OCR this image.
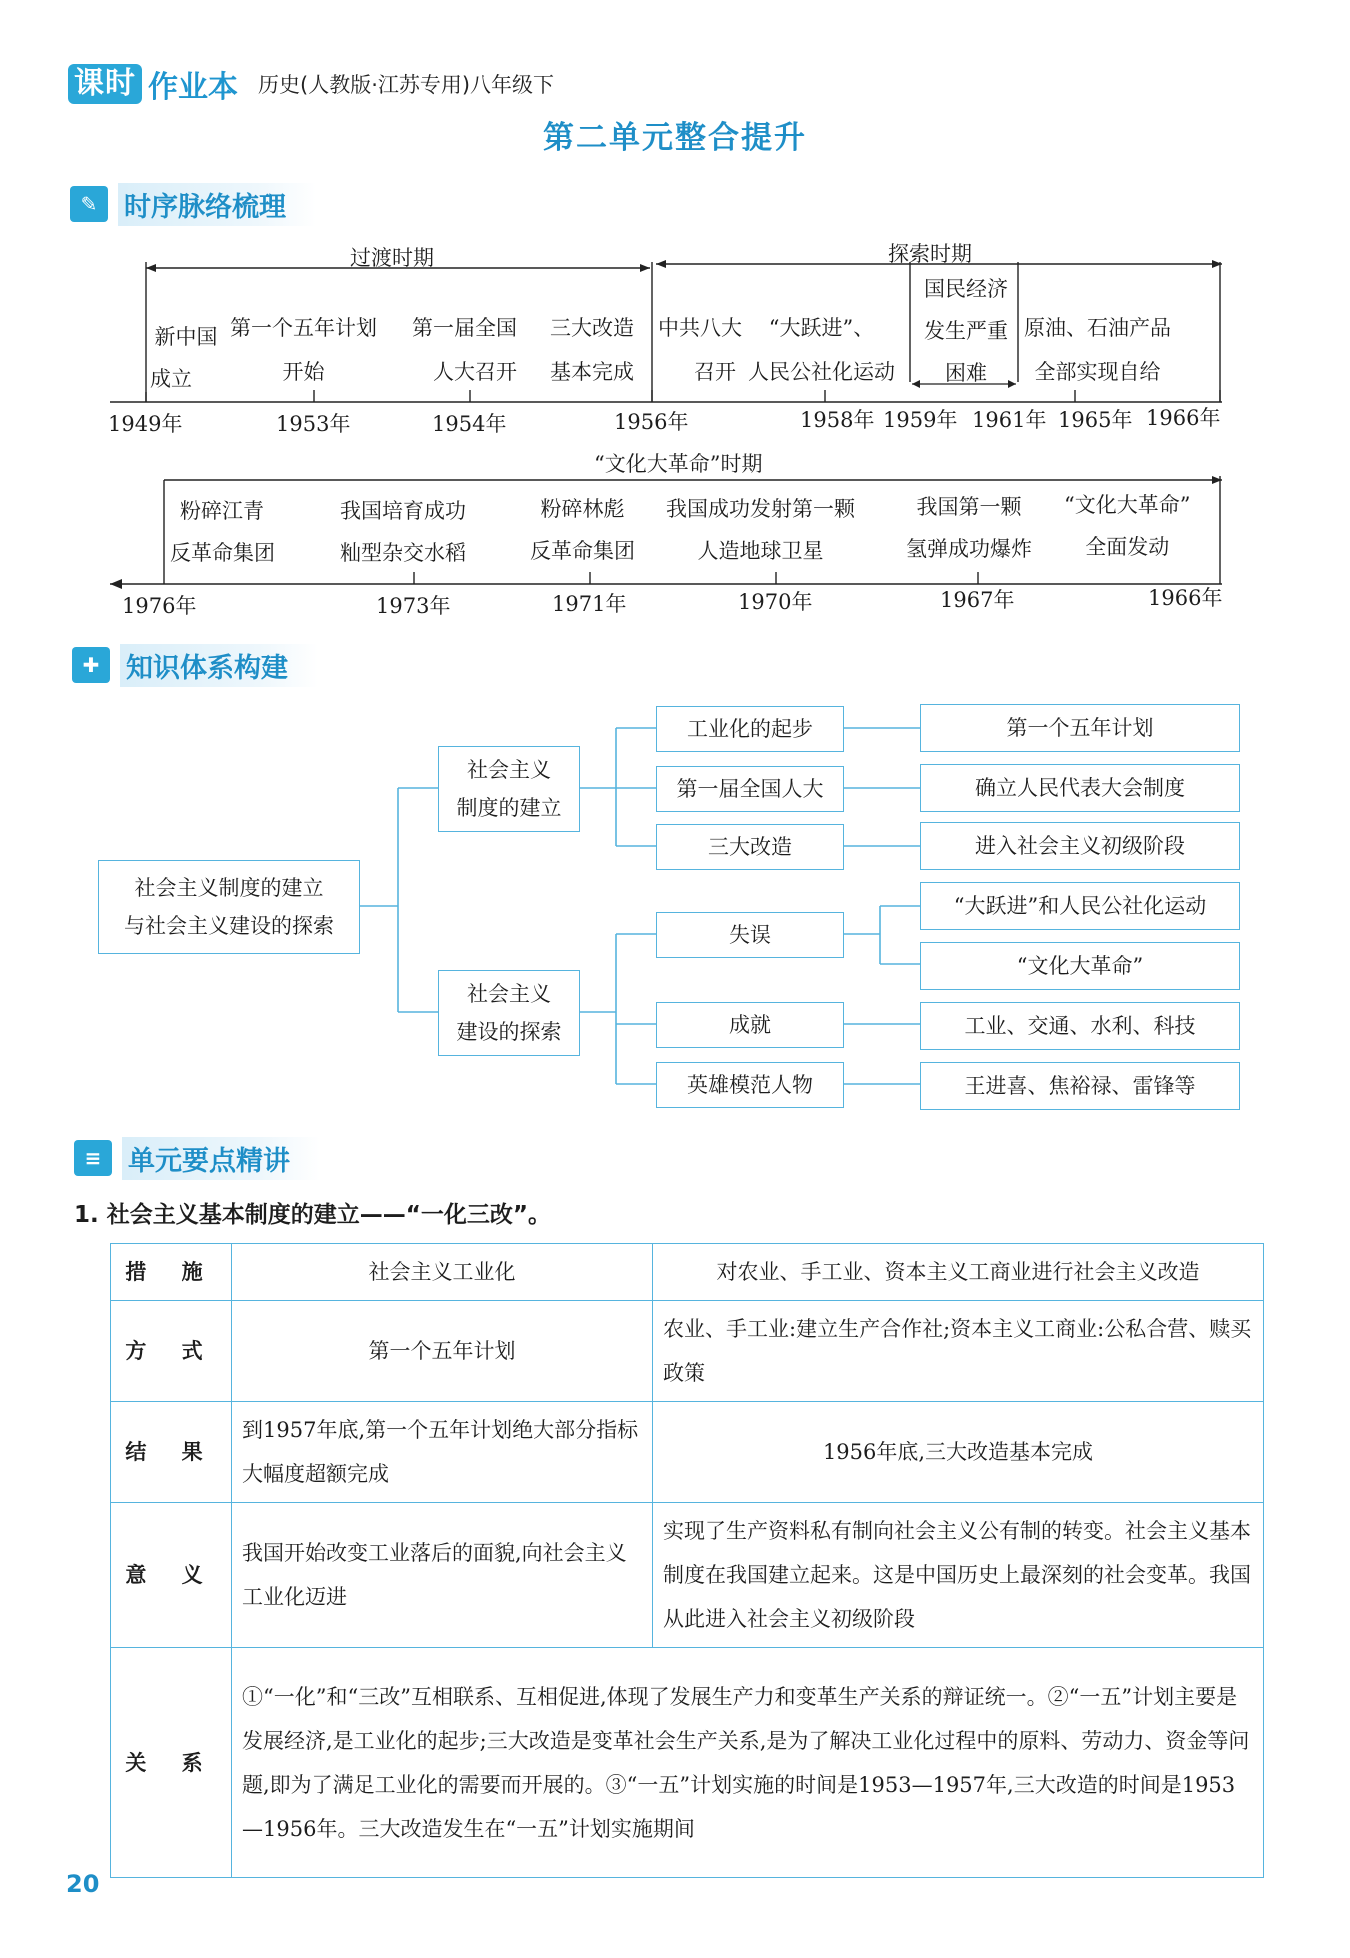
课时 作业本 历史(人教版·江苏专用)八年级下
第二单元整合提升
✎ 时序脉络梳理
过渡时期	探索时期
新中国
成立
第一个五年计划
开始
第一届全国
人大召开
三大改造
基本完成
中共八大
召开
“大跃进”、
人民公社化运动
国民经济
发生严重
困难
原油、石油产品
全部实现自给
1949年	1953年	1954年	1956年	1958年 1959年 1961年 1965年 1966年
“文化大革命”时期
粉碎江青
反革命集团
我国培育成功
籼型杂交水稻
粉碎林彪
反革命集团
我国成功发射第一颗
人造地球卫星
我国第一颗
氢弹成功爆炸
“文化大革命”
全面发动
1976年	1973年	1971年	1970年	1967年	1966年
✚ 知识体系构建
社会主义制度的建立
与社会主义建设的探索
社会主义
制度的建立
社会主义
建设的探索
工业化的起步
第一届全国人大
三大改造
失误
成就
英雄模范人物
第一个五年计划
确立人民代表大会制度
进入社会主义初级阶段
“大跃进”和人民公社化运动
“文化大革命”
工业、交通、水利、科技
王进喜、焦裕禄、雷锋等
≡ 单元要点精讲
1. 社会主义基本制度的建立——“一化三改”。
措 施	社会主义工业化	对农业、手工业、资本主义工商业进行社会主义改造
方 式	第一个五年计划	农业、手工业:建立生产合作社;资本主义工商业:公私合营、赎买政策
结 果	到1957年底,第一个五年计划绝大部分指标大幅度超额完成	1956年底,三大改造基本完成
意 义	我国开始改变工业落后的面貌,向社会主义工业化迈进	实现了生产资料私有制向社会主义公有制的转变。社会主义基本制度在我国建立起来。这是中国历史上最深刻的社会变革。我国从此进入社会主义初级阶段
关 系	①“一化”和“三改”互相联系、互相促进,体现了发展生产力和变革生产关系的辩证统一。②“一五”计划主要是发展经济,是工业化的起步;三大改造是变革社会生产关系,是为了解决工业化过程中的原料、劳动力、资金等问题,即为了满足工业化的需要而开展的。③“一五”计划实施的时间是1953—1957年,三大改造的时间是1953—1956年。三大改造发生在“一五”计划实施期间	
20
